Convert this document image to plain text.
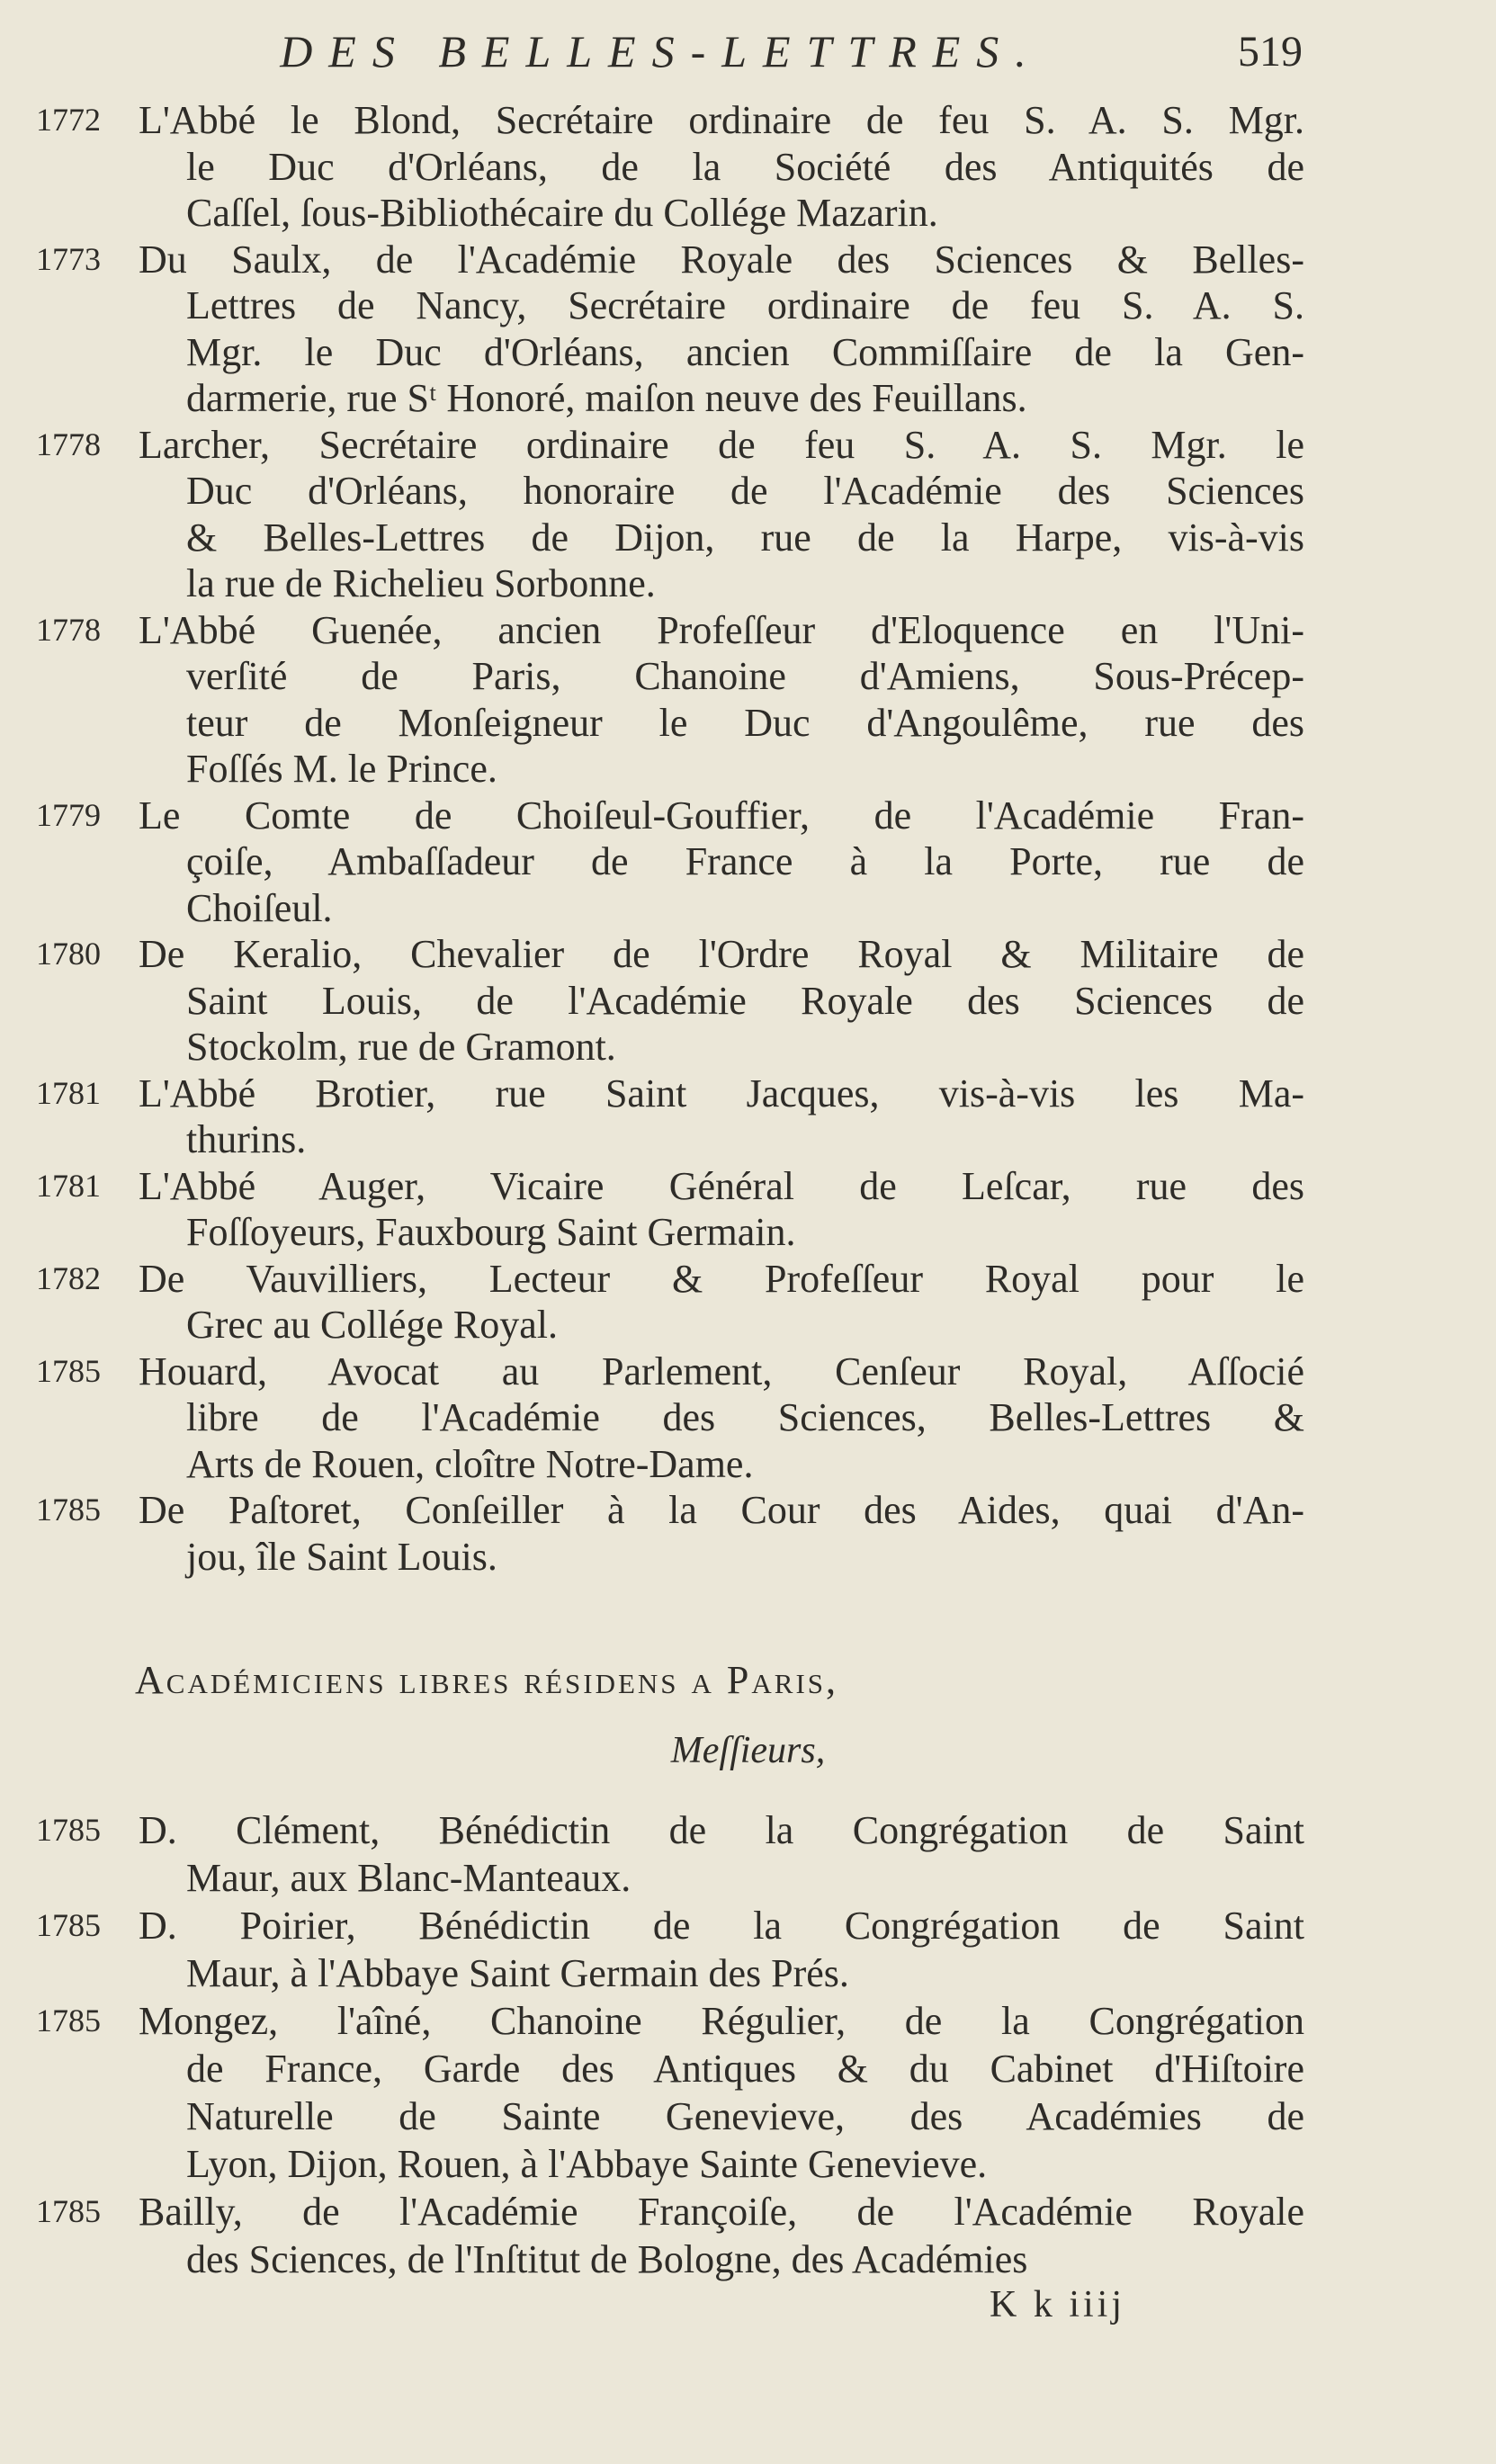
DES BELLES-LETTRES.	519
1772 L'Abbé le Blond, Secrétaire ordinaire de feu S. A. S. Mgr.
le Duc d'Orléans, de la Société des Antiquités de
Caſſel, ſous-Bibliothécaire du Collége Mazarin.
1773 Du Saulx, de l'Académie Royale des Sciences & Belles-
Lettres de Nancy, Secrétaire ordinaire de feu S. A. S.
Mgr. le Duc d'Orléans, ancien Commiſſaire de la Gen-
darmerie, rue Sᵗ Honoré, maiſon neuve des Feuillans.
1778 Larcher, Secrétaire ordinaire de feu S. A. S. Mgr. le
Duc d'Orléans, honoraire de l'Académie des Sciences
& Belles-Lettres de Dijon, rue de la Harpe, vis-à-vis
la rue de Richelieu Sorbonne.
1778 L'Abbé Guenée, ancien Profeſſeur d'Eloquence en l'Uni-
verſité de Paris, Chanoine d'Amiens, Sous-Précep-
teur de Monſeigneur le Duc d'Angoulême, rue des
Foſſés M. le Prince.
1779 Le Comte de Choiſeul-Gouffier, de l'Académie Fran-
çoiſe, Ambaſſadeur de France à la Porte, rue de
Choiſeul.
1780 De Keralio, Chevalier de l'Ordre Royal & Militaire de
Saint Louis, de l'Académie Royale des Sciences de
Stockolm, rue de Gramont.
1781 L'Abbé Brotier, rue Saint Jacques, vis-à-vis les Ma-
thurins.
1781 L'Abbé Auger, Vicaire Général de Leſcar, rue des
Foſſoyeurs, Fauxbourg Saint Germain.
1782 De Vauvilliers, Lecteur & Profeſſeur Royal pour le
Grec au Collége Royal.
1785 Houard, Avocat au Parlement, Cenſeur Royal, Aſſocié
libre de l'Académie des Sciences, Belles-Lettres &
Arts de Rouen, cloître Notre-Dame.
1785 De Paſtoret, Conſeiller à la Cour des Aides, quai d'An-
jou, île Saint Louis.
Académiciens libres résidens a Paris,
Meſſieurs,
1785 D. Clément, Bénédictin de la Congrégation de Saint
Maur, aux Blanc-Manteaux.
1785 D. Poirier, Bénédictin de la Congrégation de Saint
Maur, à l'Abbaye Saint Germain des Prés.
1785 Mongez, l'aîné, Chanoine Régulier, de la Congrégation
de France, Garde des Antiques & du Cabinet d'Hiſtoire
Naturelle de Sainte Genevieve, des Académies de
Lyon, Dijon, Rouen, à l'Abbaye Sainte Genevieve.
1785 Bailly, de l'Académie Françoiſe, de l'Académie Royale
des Sciences, de l'Inſtitut de Bologne, des Académies
K k iiij
